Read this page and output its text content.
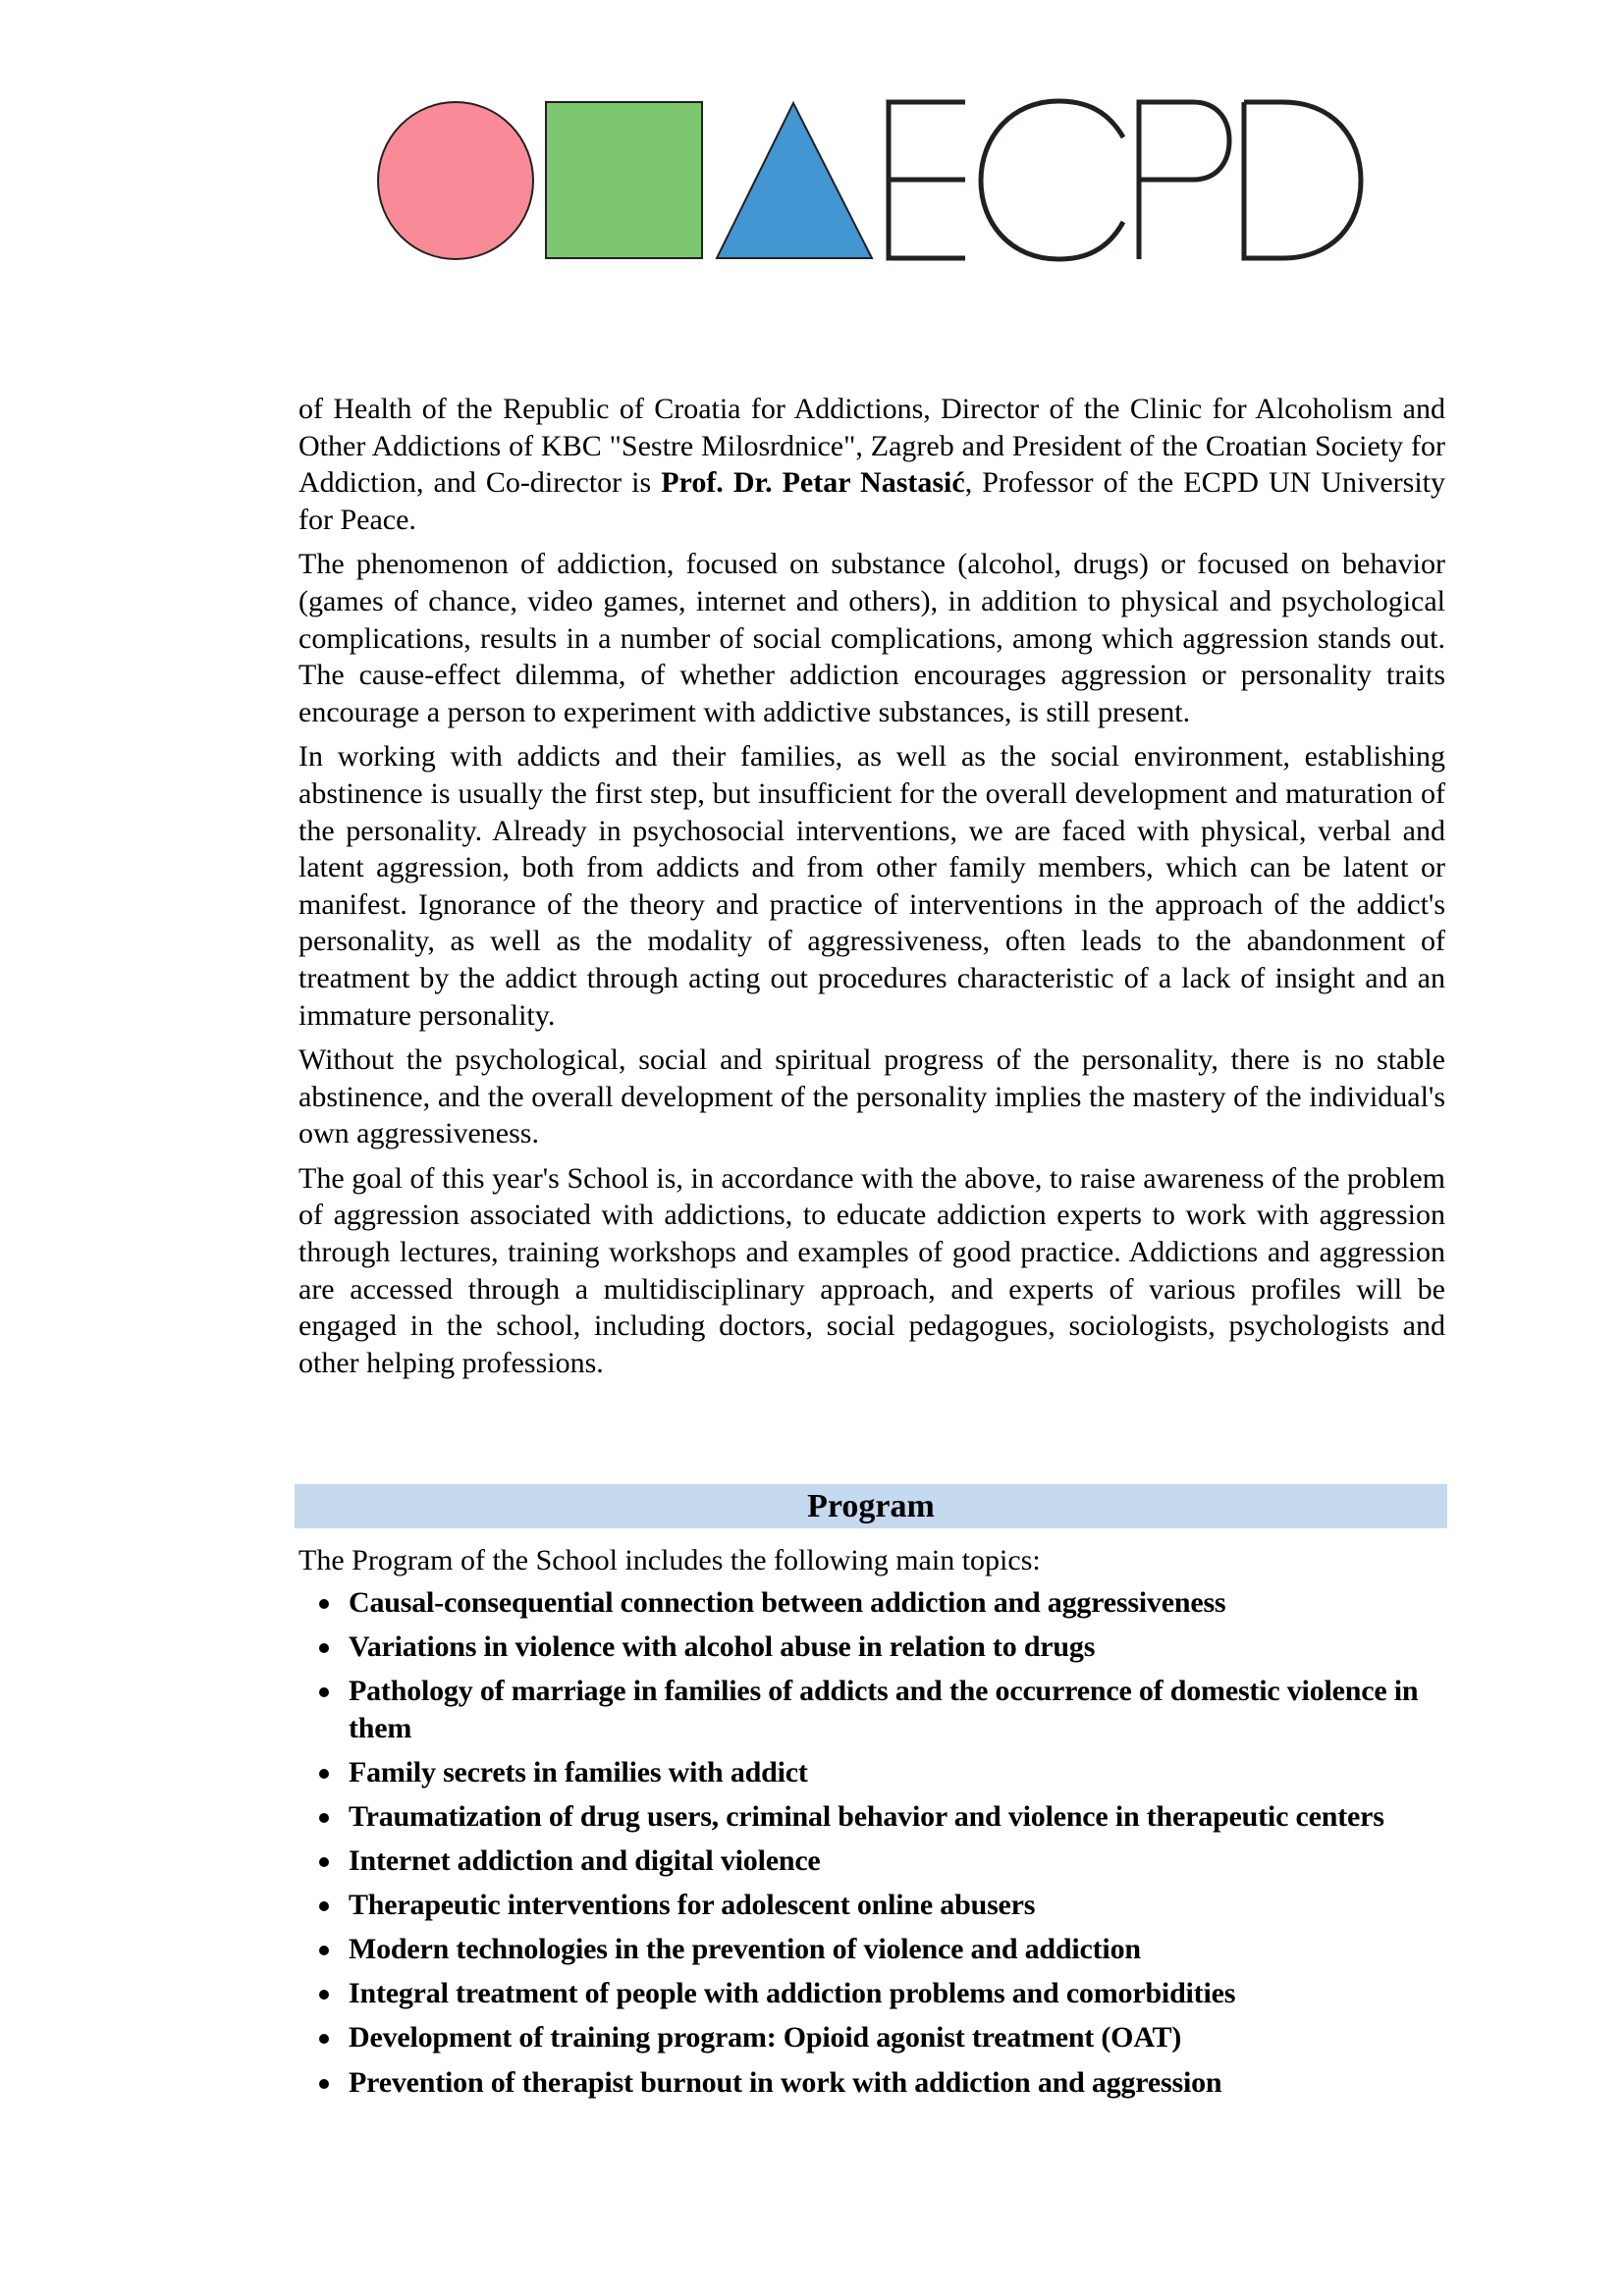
of Health of the Republic of Croatia for Addictions, Director of the Clinic for Alcoholism and Other Addictions of KBC "Sestre Milosrdnice", Zagreb and President of the Croatian Society for Addiction, and Co-director is Prof. Dr. Petar Nastasić, Professor of the ECPD UN University for Peace.

The phenomenon of addiction, focused on substance (alcohol, drugs) or focused on behavior (games of chance, video games, internet and others), in addition to physical and psychological complications, results in a number of social complications, among which aggression stands out. The cause-effect dilemma, of whether addiction encourages aggression or personality traits encourage a person to experiment with addictive substances, is still present.

In working with addicts and their families, as well as the social environment, establishing abstinence is usually the first step, but insufficient for the overall development and maturation of the personality. Already in psychosocial interventions, we are faced with physical, verbal and latent aggression, both from addicts and from other family members, which can be latent or manifest. Ignorance of the theory and practice of interventions in the approach of the addict's personality, as well as the modality of aggressiveness, often leads to the abandonment of treatment by the addict through acting out procedures characteristic of a lack of insight and an immature personality.

Without the psychological, social and spiritual progress of the personality, there is no stable abstinence, and the overall development of the personality implies the mastery of the individual's own aggressiveness.

The goal of this year's School is, in accordance with the above, to raise awareness of the problem of aggression associated with addictions, to educate addiction experts to work with aggression through lectures, training workshops and examples of good practice. Addictions and aggression are accessed through a multidisciplinary approach, and experts of various profiles will be engaged in the school, including doctors, social pedagogues, sociologists, psychologists and other helping professions.

Program
The Program of the School includes the following main topics:
Causal-consequential connection between addiction and aggressiveness
Variations in violence with alcohol abuse in relation to drugs
Pathology of marriage in families of addicts and the occurrence of domestic violence in them
Family secrets in families with addict
Traumatization of drug users, criminal behavior and violence in therapeutic centers
Internet addiction and digital violence
Therapeutic interventions for adolescent online abusers
Modern technologies in the prevention of violence and addiction
Integral treatment of people with addiction problems and comorbidities
Development of training program: Opioid agonist treatment (OAT)
Prevention of therapist burnout in work with addiction and aggression
